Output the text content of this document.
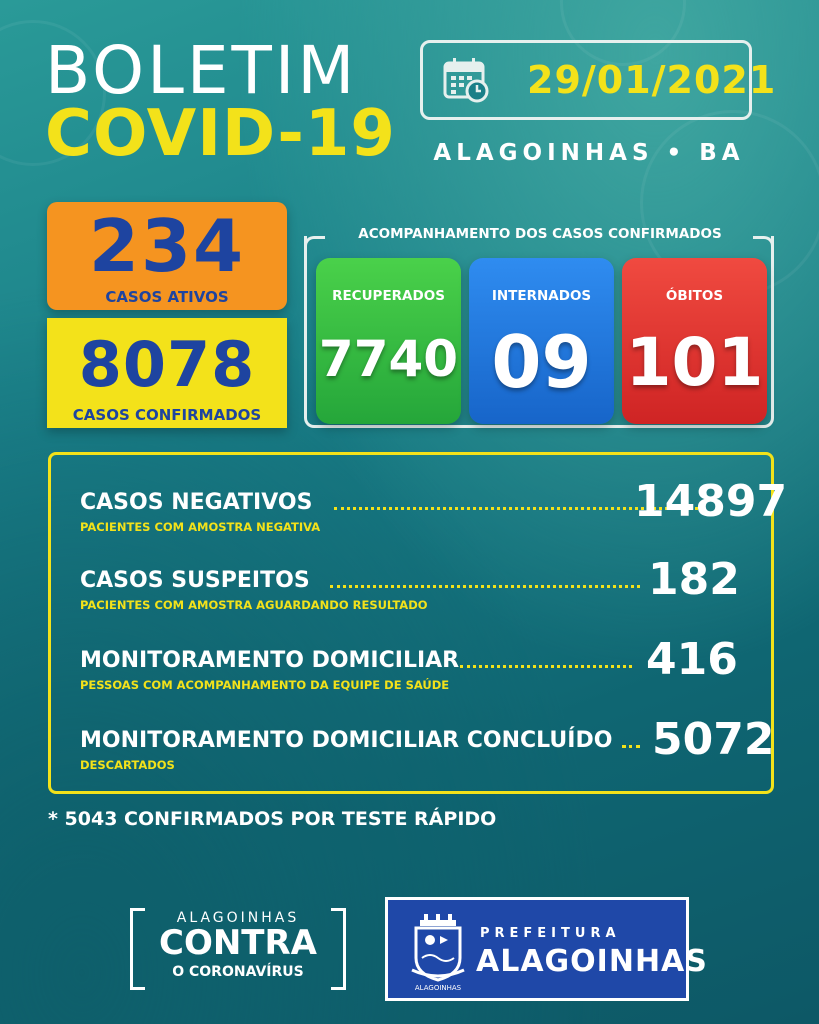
BOLETIM
COVID-19
29/01/2021
ALAGOINHAS • BA
234
CASOS ATIVOS
8078
CASOS CONFIRMADOS
ACOMPANHAMENTO DOS CASOS CONFIRMADOS
RECUPERADOS
7740
INTERNADOS
09
ÓBITOS
101
CASOS NEGATIVOS
PACIENTES COM AMOSTRA NEGATIVA	14897
CASOS SUSPEITOS
PACIENTES COM AMOSTRA AGUARDANDO RESULTADO	182
MONITORAMENTO DOMICILIAR
PESSOAS COM ACOMPANHAMENTO DA EQUIPE DE SAÚDE	416
MONITORAMENTO DOMICILIAR CONCLUÍDO
DESCARTADOS	5072
* 5043 CONFIRMADOS POR TESTE RÁPIDO
ALAGOINHAS
CONTRA
O CORONAVÍRUS
ALAGOINHAS
PREFEITURA
ALAGOINHAS
